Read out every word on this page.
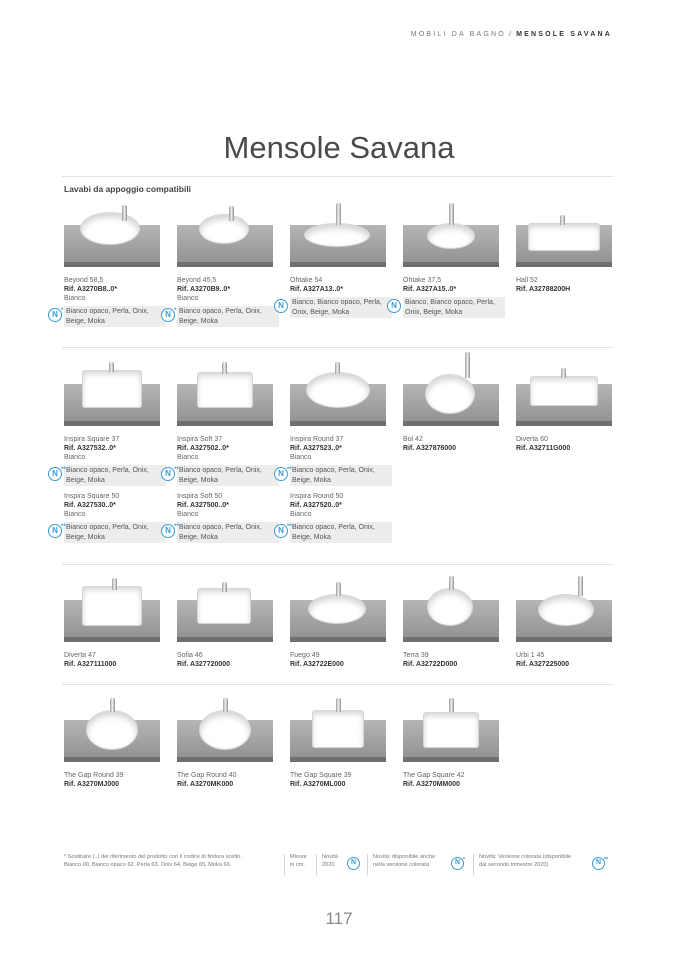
MOBILI DA BAGNO / MENSOLE SAVANA
Mensole Savana
Lavabi da appoggio compatibili
Beyond 58,5
Rif. A3270B8..0*
Bianco
N * Bianco opaco, Perla, Onix, Beige, Moka
Beyond 45,5
Rif. A3270B9..0*
Bianco
N * Bianco opaco, Perla, Onix, Beige, Moka
Ohtake 54
Rif. A327A13..0*
N	Bianco, Bianco opaco, Perla, Onix, Beige, Moka
Ohtake 37,5
Rif. A327A15..0*
N	Bianco, Bianco opaco, Perla, Onix, Beige, Moka
Hall 52
Rif. A32788200H
Inspira Square 37
Rif. A327532..0*
Bianco
N ** Bianco opaco, Perla, Onix, Beige, Moka
Inspira Square 50
Rif. A327530..0*
Bianco
N ** Bianco opaco, Perla, Onix, Beige, Moka
Inspira Soft 37
Rif. A327502..0*
Bianco
N ** Bianco opaco, Perla, Onix, Beige, Moka
Inspira Soft 50
Rif. A327500..0*
Bianco
N ** Bianco opaco, Perla, Onix, Beige, Moka
Inspira Round 37
Rif. A327523..0*
Bianco
N ** Bianco opaco, Perla, Onix, Beige, Moka
Inspira Round 50
Rif. A327520..0*
Bianco
N ** Bianco opaco, Perla, Onix, Beige, Moka
Bol 42
Rif. A327876000
Diverta 60
Rif. A32711G000
Diverta 47
Rif. A327111000
Sofia 46
Rif. A327720000
Fuego 49
Rif. A32722E000
Terra 39
Rif. A32722D000
Urbi 1 45
Rif. A327225000
The Gap Round 39
Rif. A3270MJ000
The Gap Round 40
Rif. A3270MK000
The Gap Square 39
Rif. A3270ML000
The Gap Square 42
Rif. A3270MM000
* Sostituire (..) del riferimento del prodotto con il codice di finitura scelto.
Bianco 00, Bianco opaco 62, Perla 63, Onix 64, Beige 65, Moka 66.
Misure
in cm.
Novità
2020	N
Novità: disponibile anche
nella versione colorata	N * Novità: Versione colorata (disponibile
dal secondo trimestre 2020)	N **
117
